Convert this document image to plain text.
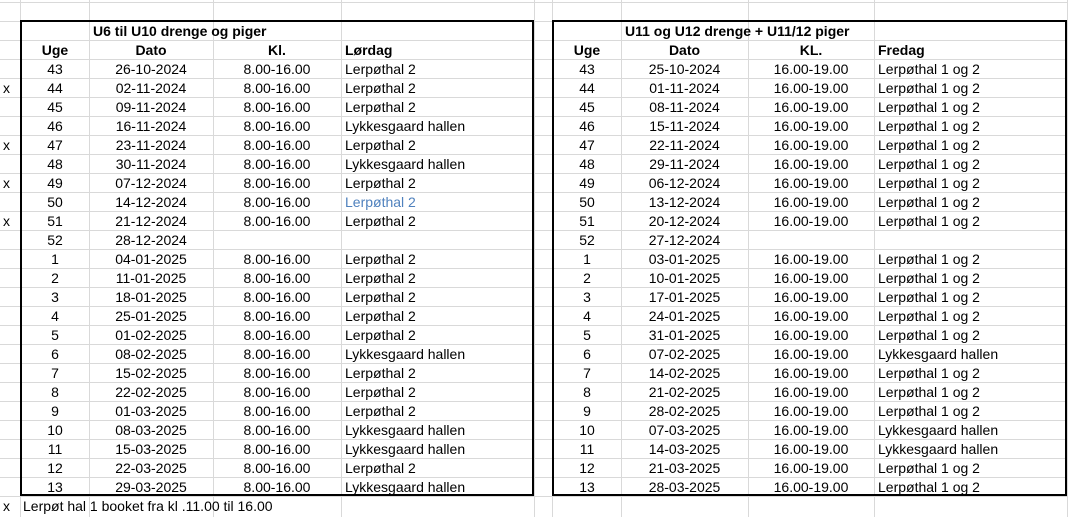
U6 til U10 drenge og piger
Uge	Dato	Kl.	Lørdag
43	26-10-2024	8.00-16.00	Lerpøthal 2
x	44	02-11-2024	8.00-16.00	Lerpøthal 2
45	09-11-2024	8.00-16.00	Lerpøthal 2
46	16-11-2024	8.00-16.00	Lykkesgaard hallen
x	47	23-11-2024	8.00-16.00	Lerpøthal 2
48	30-11-2024	8.00-16.00	Lykkesgaard hallen
x	49	07-12-2024	8.00-16.00	Lerpøthal 2
50	14-12-2024	8.00-16.00	Lerpøthal 2
x	51	21-12-2024	8.00-16.00	Lerpøthal 2
52	28-12-2024
1	04-01-2025	8.00-16.00	Lerpøthal 2
2	11-01-2025	8.00-16.00	Lerpøthal 2
3	18-01-2025	8.00-16.00	Lerpøthal 2
4	25-01-2025	8.00-16.00	Lerpøthal 2
5	01-02-2025	8.00-16.00	Lerpøthal 2
6	08-02-2025	8.00-16.00	Lykkesgaard hallen
7	15-02-2025	8.00-16.00	Lerpøthal 2
8	22-02-2025	8.00-16.00	Lerpøthal 2
9	01-03-2025	8.00-16.00	Lerpøthal 2
10	08-03-2025	8.00-16.00	Lykkesgaard hallen
11	15-03-2025	8.00-16.00	Lykkesgaard hallen
12	22-03-2025	8.00-16.00	Lerpøthal 2
13	29-03-2025	8.00-16.00	Lykkesgaard hallen
U11 og U12 drenge + U11/12 piger
Uge	Dato	KL.	Fredag
43	25-10-2024	16.00-19.00	Lerpøthal 1 og 2
44	01-11-2024	16.00-19.00	Lerpøthal 1 og 2
45	08-11-2024	16.00-19.00	Lerpøthal 1 og 2
46	15-11-2024	16.00-19.00	Lerpøthal 1 og 2
47	22-11-2024	16.00-19.00	Lerpøthal 1 og 2
48	29-11-2024	16.00-19.00	Lerpøthal 1 og 2
49	06-12-2024	16.00-19.00	Lerpøthal 1 og 2
50	13-12-2024	16.00-19.00	Lerpøthal 1 og 2
51	20-12-2024	16.00-19.00	Lerpøthal 1 og 2
52	27-12-2024
1	03-01-2025	16.00-19.00	Lerpøthal 1 og 2
2	10-01-2025	16.00-19.00	Lerpøthal 1 og 2
3	17-01-2025	16.00-19.00	Lerpøthal 1 og 2
4	24-01-2025	16.00-19.00	Lerpøthal 1 og 2
5	31-01-2025	16.00-19.00	Lerpøthal 1 og 2
6	07-02-2025	16.00-19.00	Lykkesgaard hallen
7	14-02-2025	16.00-19.00	Lerpøthal 1 og 2
8	21-02-2025	16.00-19.00	Lerpøthal 1 og 2
9	28-02-2025	16.00-19.00	Lerpøthal 1 og 2
10	07-03-2025	16.00-19.00	Lykkesgaard hallen
11	14-03-2025	16.00-19.00	Lykkesgaard hallen
12	21-03-2025	16.00-19.00	Lerpøthal 1 og 2
13	28-03-2025	16.00-19.00	Lerpøthal 1 og 2
x Lerpøt hal 1 booket fra kl .11.00 til 16.00
